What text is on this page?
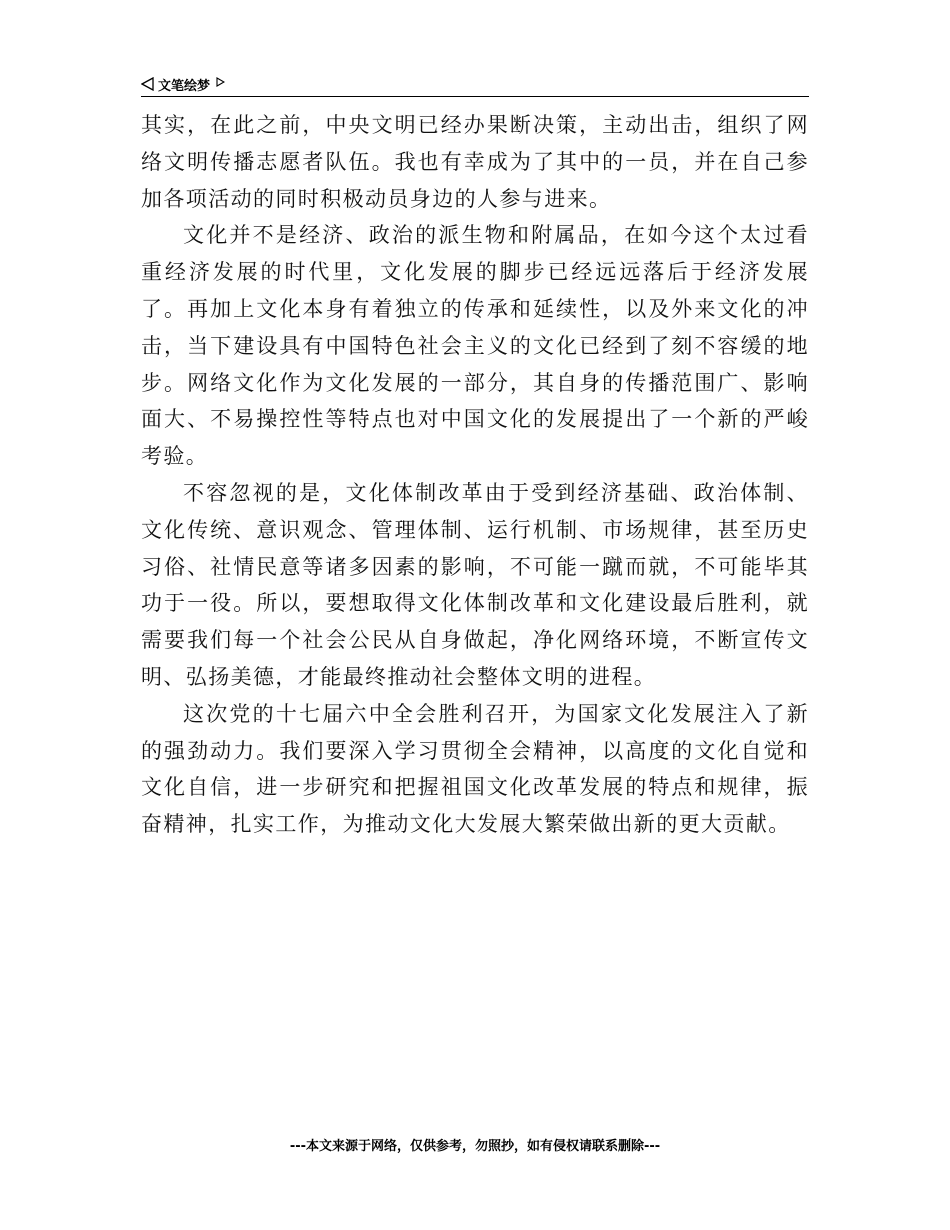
文笔绘梦

其实，在此之前，中央文明已经办果断决策，主动出击，组织了网络文明传播志愿者队伍。我也有幸成为了其中的一员，并在自己参加各项活动的同时积极动员身边的人参与进来。

文化并不是经济、政治的派生物和附属品，在如今这个太过看重经济发展的时代里，文化发展的脚步已经远远落后于经济发展了。再加上文化本身有着独立的传承和延续性，以及外来文化的冲击，当下建设具有中国特色社会主义的文化已经到了刻不容缓的地步。网络文化作为文化发展的一部分，其自身的传播范围广、影响面大、不易操控性等特点也对中国文化的发展提出了一个新的严峻考验。

不容忽视的是，文化体制改革由于受到经济基础、政治体制、文化传统、意识观念、管理体制、运行机制、市场规律，甚至历史习俗、社情民意等诸多因素的影响，不可能一蹴而就，不可能毕其功于一役。所以，要想取得文化体制改革和文化建设最后胜利，就需要我们每一个社会公民从自身做起，净化网络环境，不断宣传文明、弘扬美德，才能最终推动社会整体文明的进程。

这次党的十七届六中全会胜利召开，为国家文化发展注入了新的强劲动力。我们要深入学习贯彻全会精神，以高度的文化自觉和文化自信，进一步研究和把握祖国文化改革发展的特点和规律，振奋精神，扎实工作，为推动文化大发展大繁荣做出新的更大贡献。

---本文来源于网络，仅供参考，勿照抄，如有侵权请联系删除---
